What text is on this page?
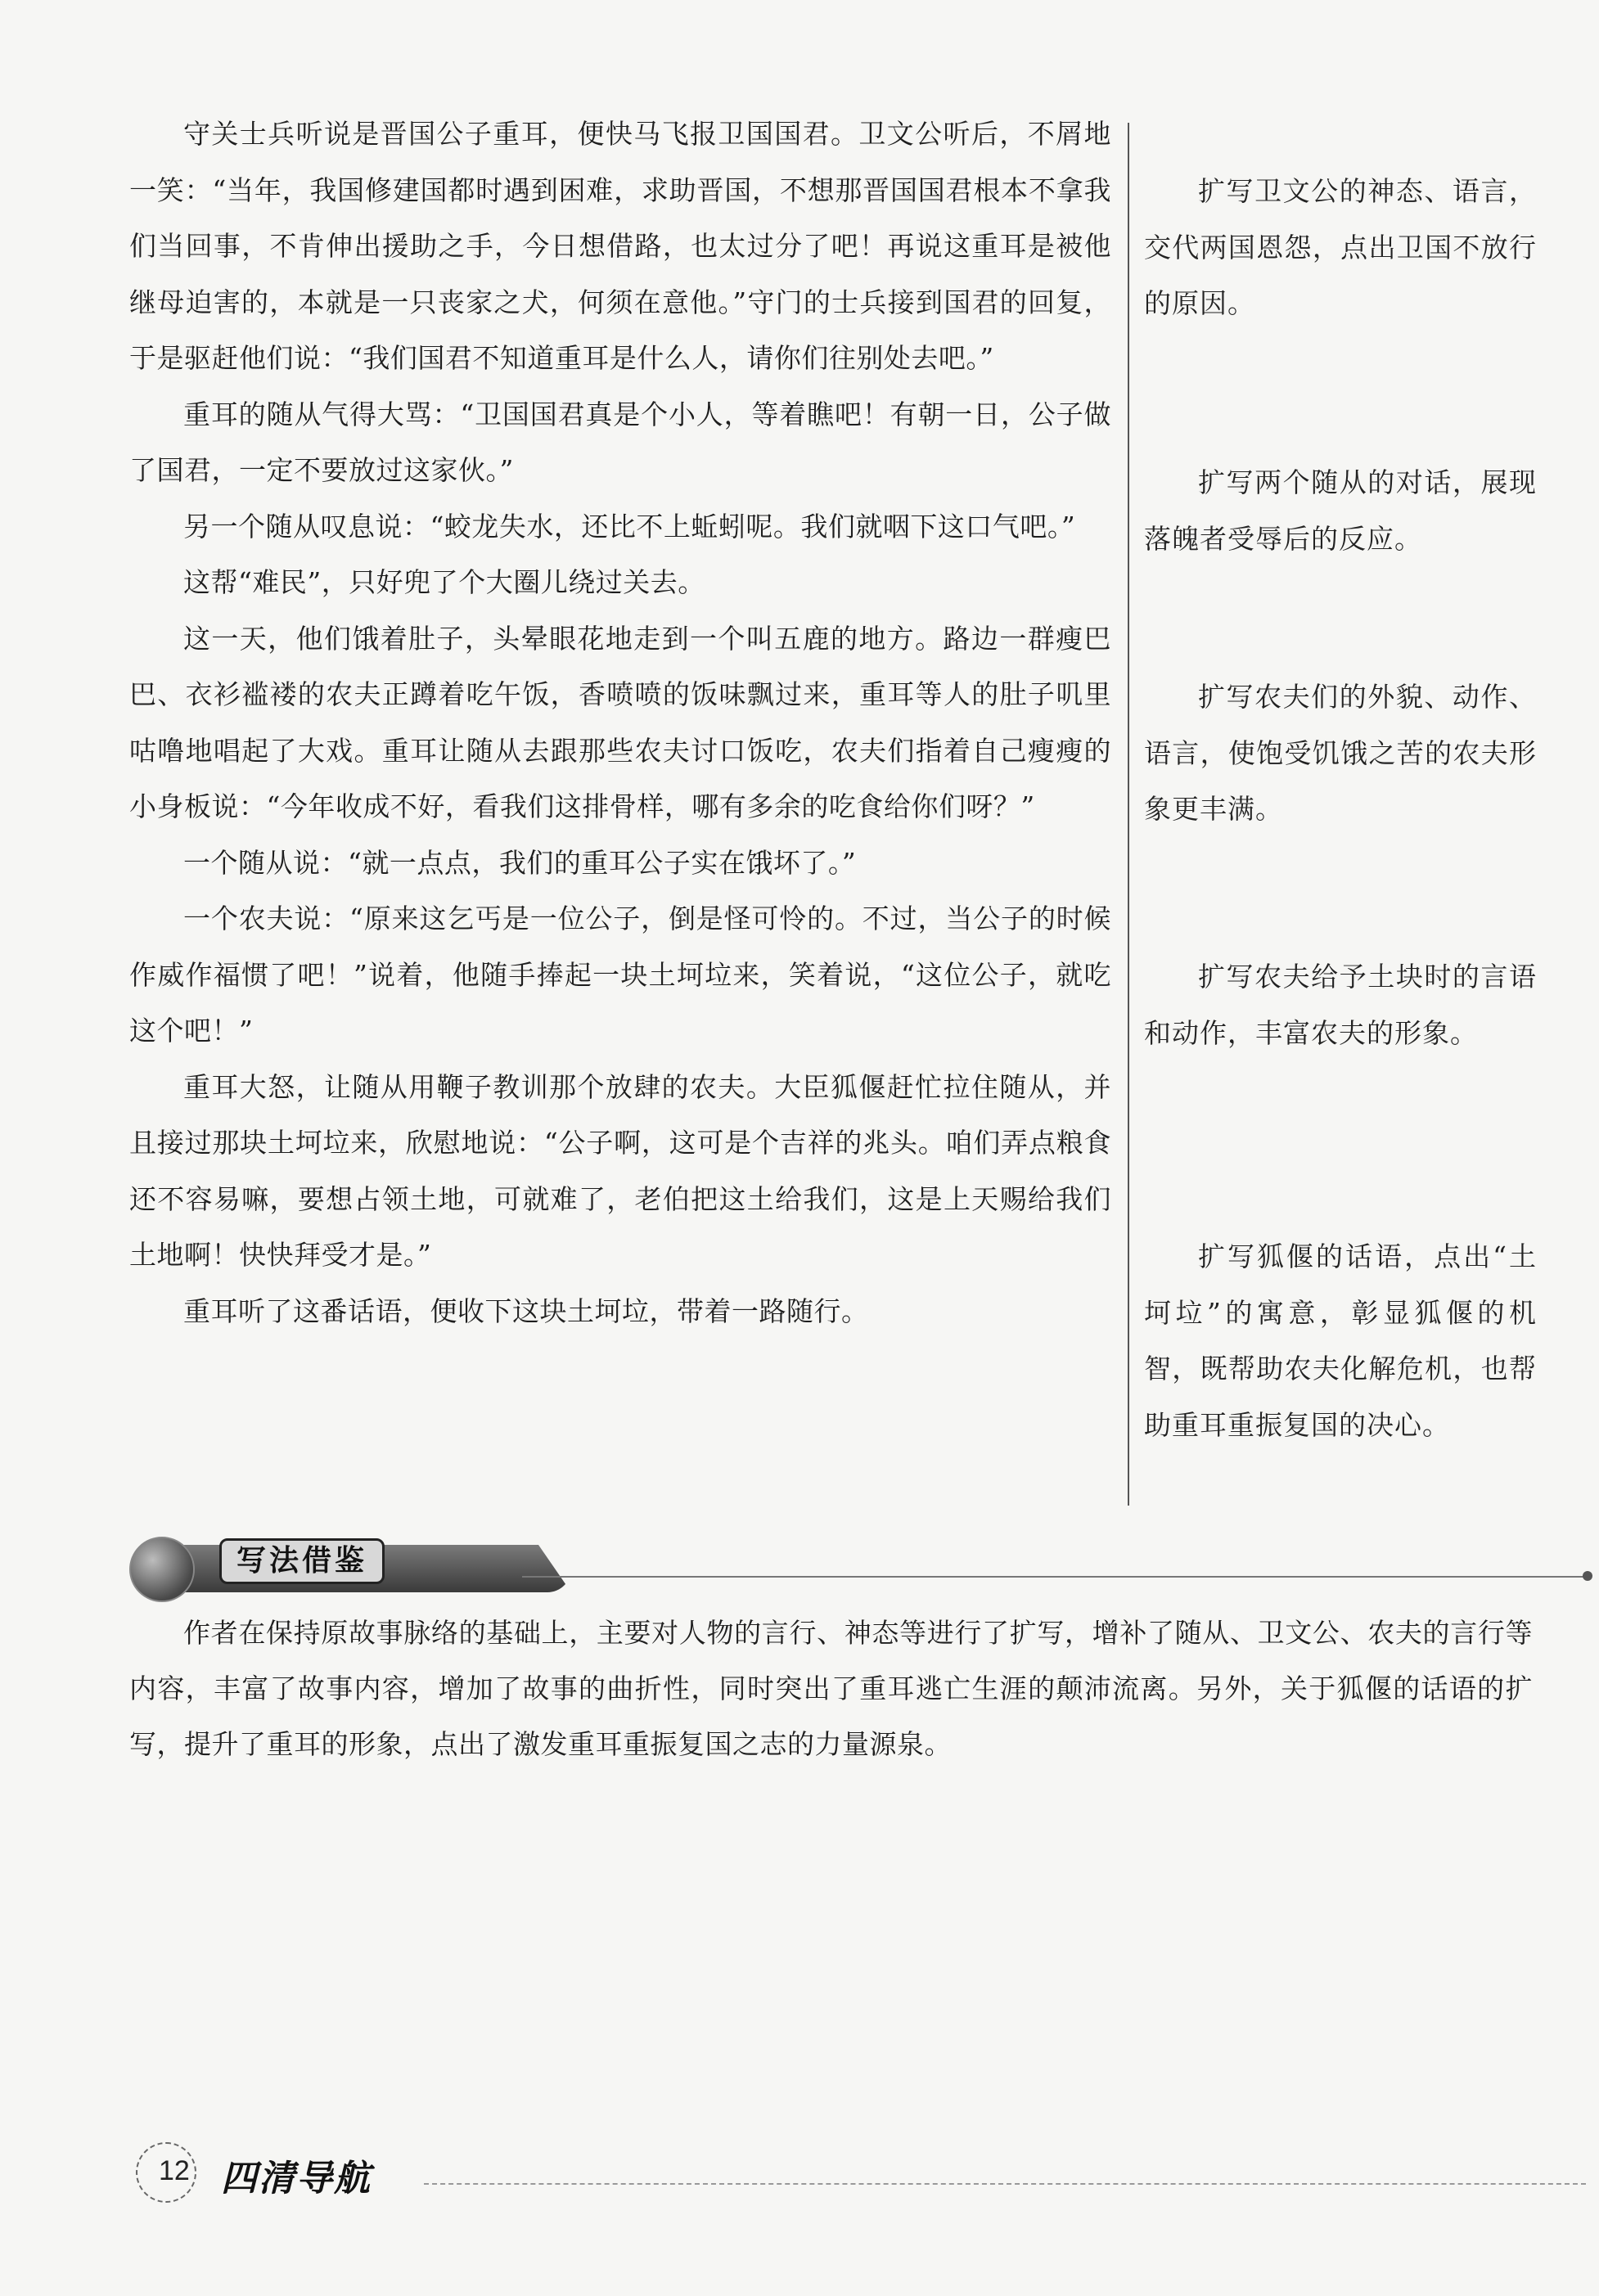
守关士兵听说是晋国公子重耳，便快马飞报卫国国君。卫文公听后，不屑地一笑：“当年，我国修建国都时遇到困难，求助晋国，不想那晋国国君根本不拿我们当回事，不肯伸出援助之手，今日想借路，也太过分了吧！再说这重耳是被他继母迫害的，本就是一只丧家之犬，何须在意他。”守门的士兵接到国君的回复，于是驱赶他们说：“我们国君不知道重耳是什么人，请你们往别处去吧。”

重耳的随从气得大骂：“卫国国君真是个小人，等着瞧吧！有朝一日，公子做了国君，一定不要放过这家伙。”

另一个随从叹息说：“蛟龙失水，还比不上蚯蚓呢。我们就咽下这口气吧。”

这帮“难民”，只好兜了个大圈儿绕过关去。

这一天，他们饿着肚子，头晕眼花地走到一个叫五鹿的地方。路边一群瘦巴巴、衣衫褴褛的农夫正蹲着吃午饭，香喷喷的饭味飘过来，重耳等人的肚子叽里咕噜地唱起了大戏。重耳让随从去跟那些农夫讨口饭吃，农夫们指着自己瘦瘦的小身板说：“今年收成不好，看我们这排骨样，哪有多余的吃食给你们呀？”

一个随从说：“就一点点，我们的重耳公子实在饿坏了。”

一个农夫说：“原来这乞丐是一位公子，倒是怪可怜的。不过，当公子的时候作威作福惯了吧！”说着，他随手捧起一块土坷垃来，笑着说，“这位公子，就吃这个吧！”

重耳大怒，让随从用鞭子教训那个放肆的农夫。大臣狐偃赶忙拉住随从，并且接过那块土坷垃来，欣慰地说：“公子啊，这可是个吉祥的兆头。咱们弄点粮食还不容易嘛，要想占领土地，可就难了，老伯把这土给我们，这是上天赐给我们土地啊！快快拜受才是。”

重耳听了这番话语，便收下这块土坷垃，带着一路随行。

扩写卫文公的神态、语言，交代两国恩怨，点出卫国不放行的原因。

扩写两个随从的对话，展现落魄者受辱后的反应。

扩写农夫们的外貌、动作、语言，使饱受饥饿之苦的农夫形象更丰满。

扩写农夫给予土块时的言语和动作，丰富农夫的形象。

扩写狐偃的话语，点出“土坷垃”的寓意，彰显狐偃的机智，既帮助农夫化解危机，也帮助重耳重振复国的决心。

写法借鉴

作者在保持原故事脉络的基础上，主要对人物的言行、神态等进行了扩写，增补了随从、卫文公、农夫的言行等内容，丰富了故事内容，增加了故事的曲折性，同时突出了重耳逃亡生涯的颠沛流离。另外，关于狐偃的话语的扩写，提升了重耳的形象，点出了激发重耳重振复国之志的力量源泉。

12 四清导航
